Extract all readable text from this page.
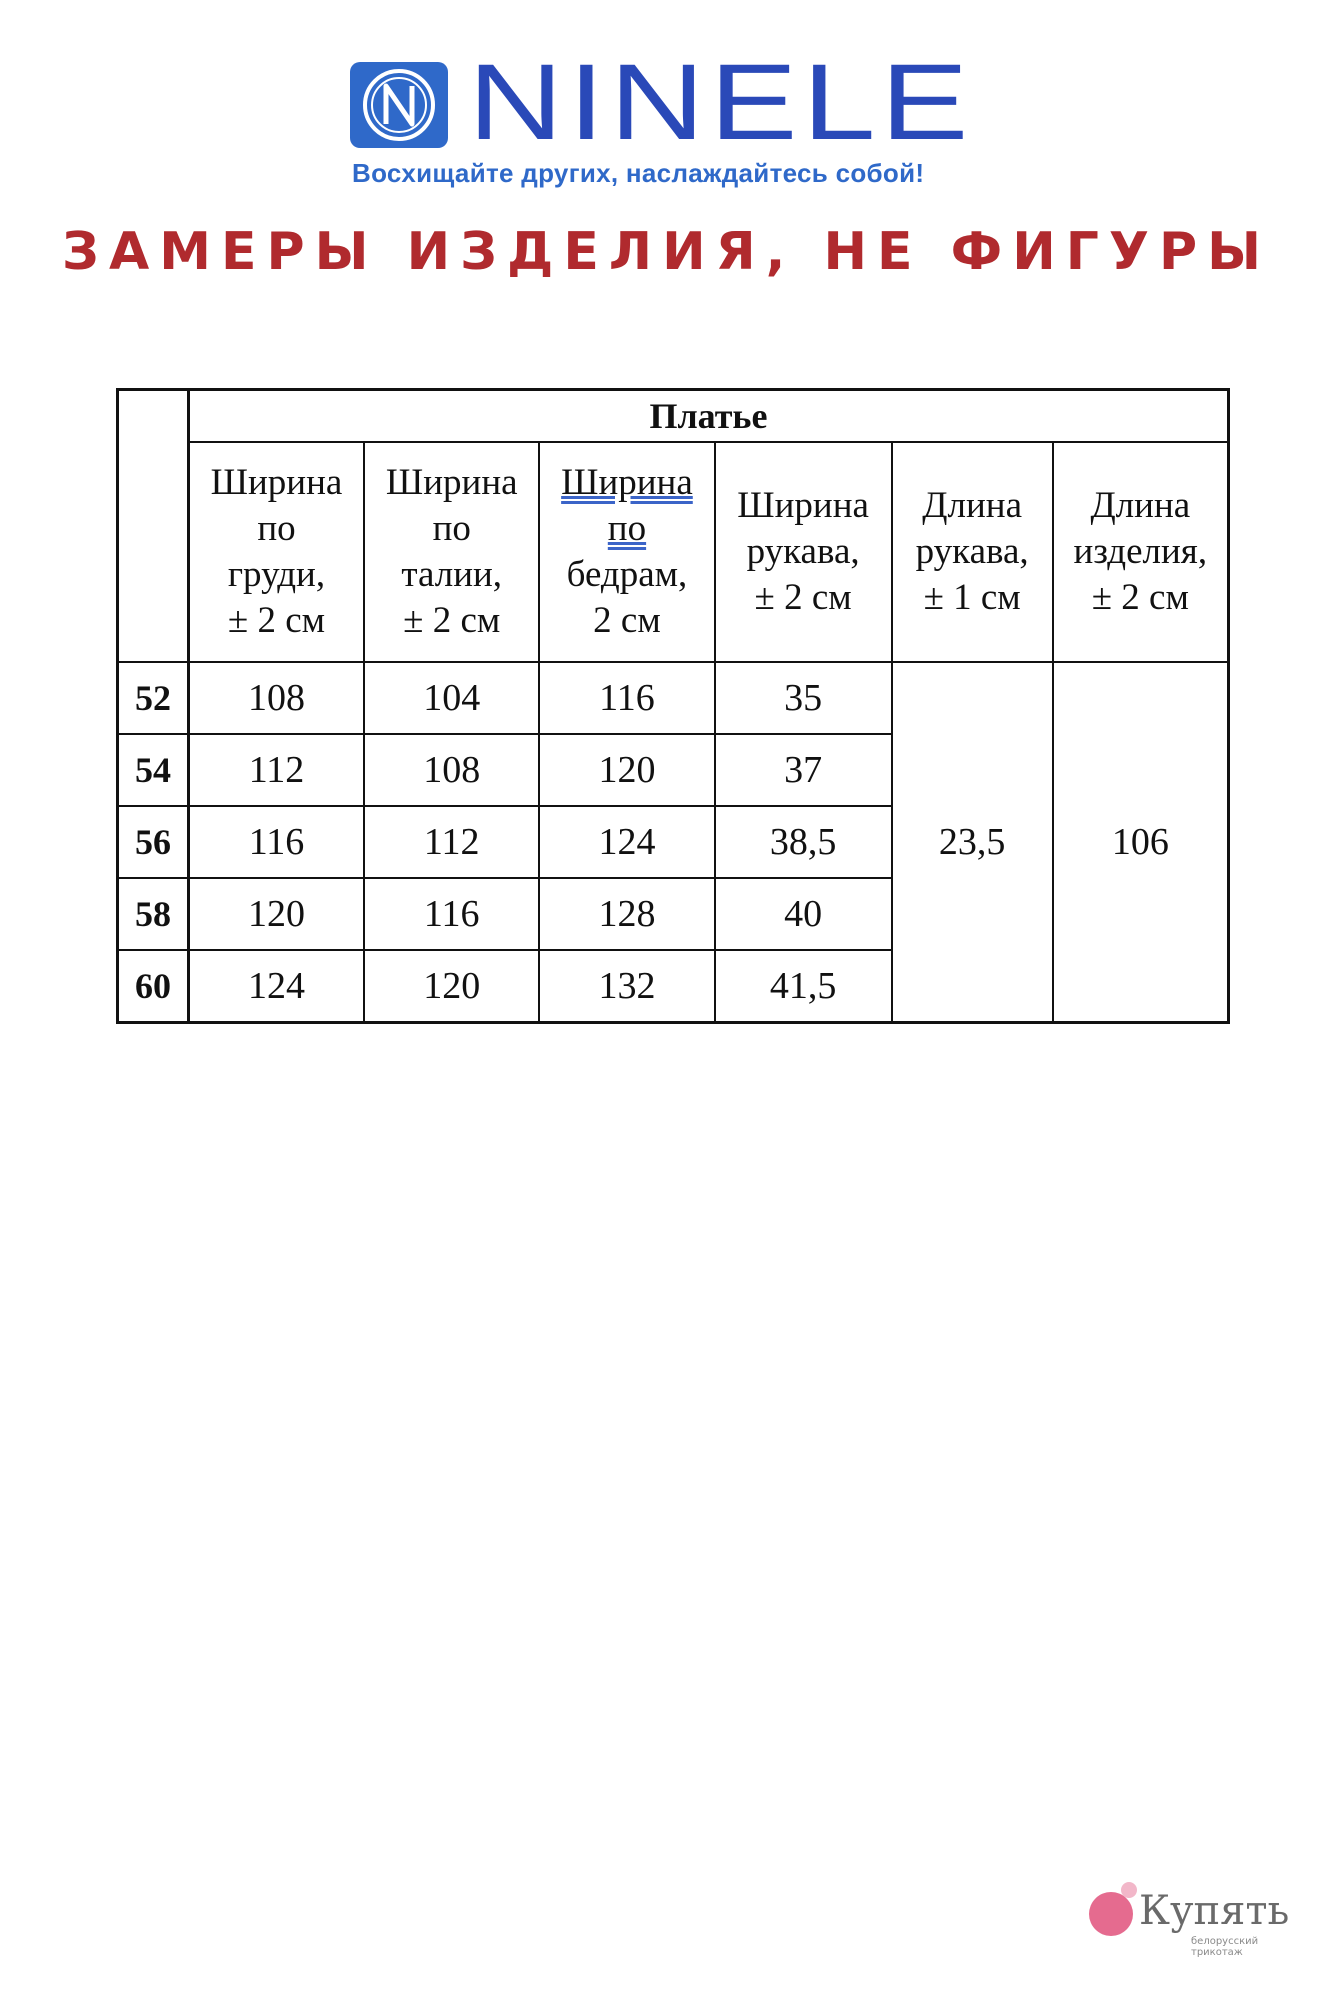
NINELE
Восхищайте других, наслаждайтесь собой!
ЗАМЕРЫ ИЗДЕЛИЯ, НЕ ФИГУРЫ
	Платье					

	Ширина
по
груди,
± 2 см	Ширина
по
талии,
± 2 см	Ширина
по
бедрам,
2 см	Ширина
рукава,
± 2 см	Длина
рукава,
± 1 см	Длина
изделия,
± 2 см

52	108	104	116	35	23,5	106
54	112	108	120	37		
56	116	112	124	38,5		
58	120	116	128	40		
60	124	120	132	41,5		
Купять
белорусский трикотаж
